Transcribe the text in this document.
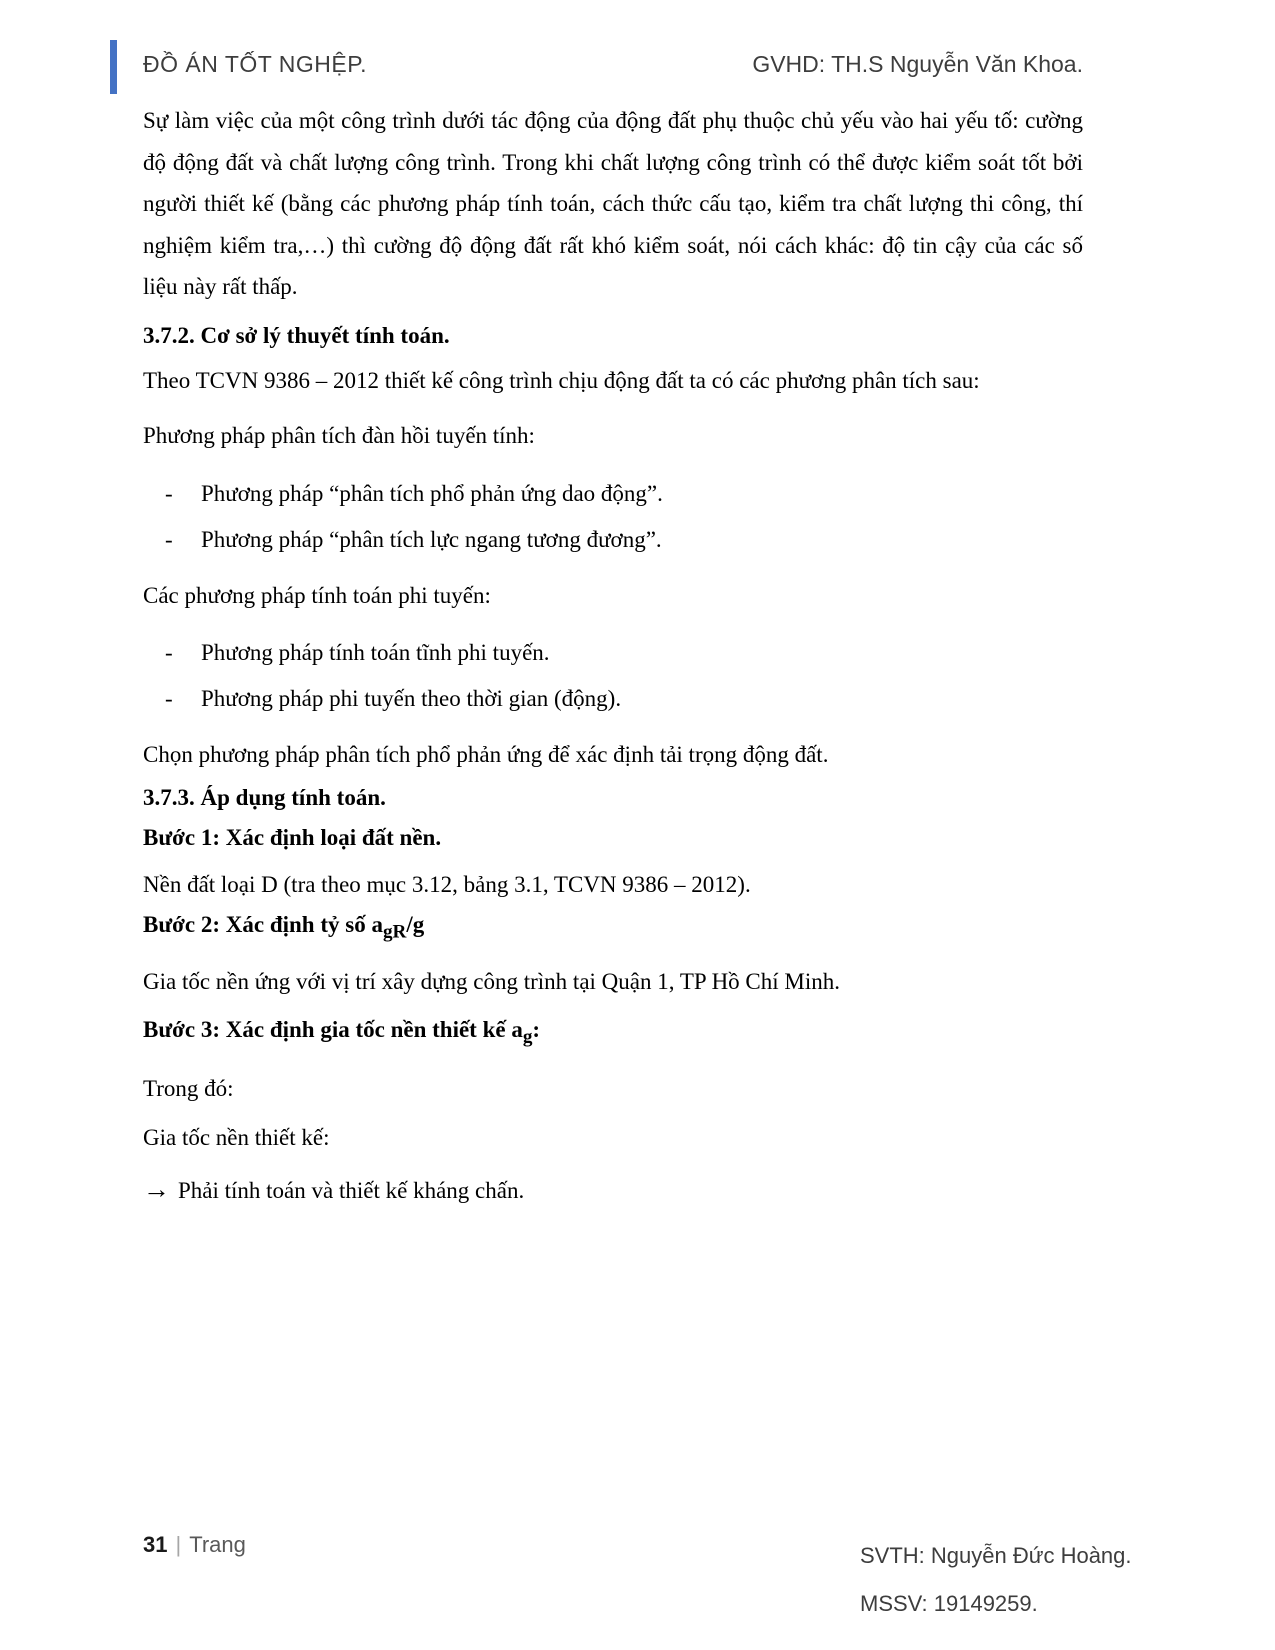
ĐỒ ÁN TỐT NGHỆP.	GVHD: TH.S Nguyễn Văn Khoa.

Sự làm việc của một công trình dưới tác động của động đất phụ thuộc chủ yếu vào hai yếu tố: cường độ động đất và chất lượng công trình. Trong khi chất lượng công trình có thể được kiểm soát tốt bởi người thiết kế (bằng các phương pháp tính toán, cách thức cấu tạo, kiểm tra chất lượng thi công, thí nghiệm kiểm tra,…) thì cường độ động đất rất khó kiểm soát, nói cách khác: độ tin cậy của các số liệu này rất thấp.

3.7.2. Cơ sở lý thuyết tính toán.

Theo TCVN 9386 – 2012 thiết kế công trình chịu động đất ta có các phương phân tích sau:

Phương pháp phân tích đàn hồi tuyến tính:

-	Phương pháp “phân tích phổ phản ứng dao động”.
-	Phương pháp “phân tích lực ngang tương đương”.

Các phương pháp tính toán phi tuyến:

-	Phương pháp tính toán tĩnh phi tuyến.
-	Phương pháp phi tuyến theo thời gian (động).

Chọn phương pháp phân tích phổ phản ứng để xác định tải trọng động đất.

3.7.3. Áp dụng tính toán.
Bước 1: Xác định loại đất nền.

Nền đất loại D (tra theo mục 3.12, bảng 3.1, TCVN 9386 – 2012).

Bước 2: Xác định tỷ số $a_{gR}/g$

Gia tốc nền ứng với vị trí xây dựng công trình tại Quận 1, TP Hồ Chí Minh.

Bước 3: Xác định gia tốc nền thiết kế $a_g$:

Trong đó:

Gia tốc nền thiết kế:

→ Phải tính toán và thiết kế kháng chấn.

31 | Trang	SVTH: Nguyễn Đức Hoàng.
MSSV: 19149259.
